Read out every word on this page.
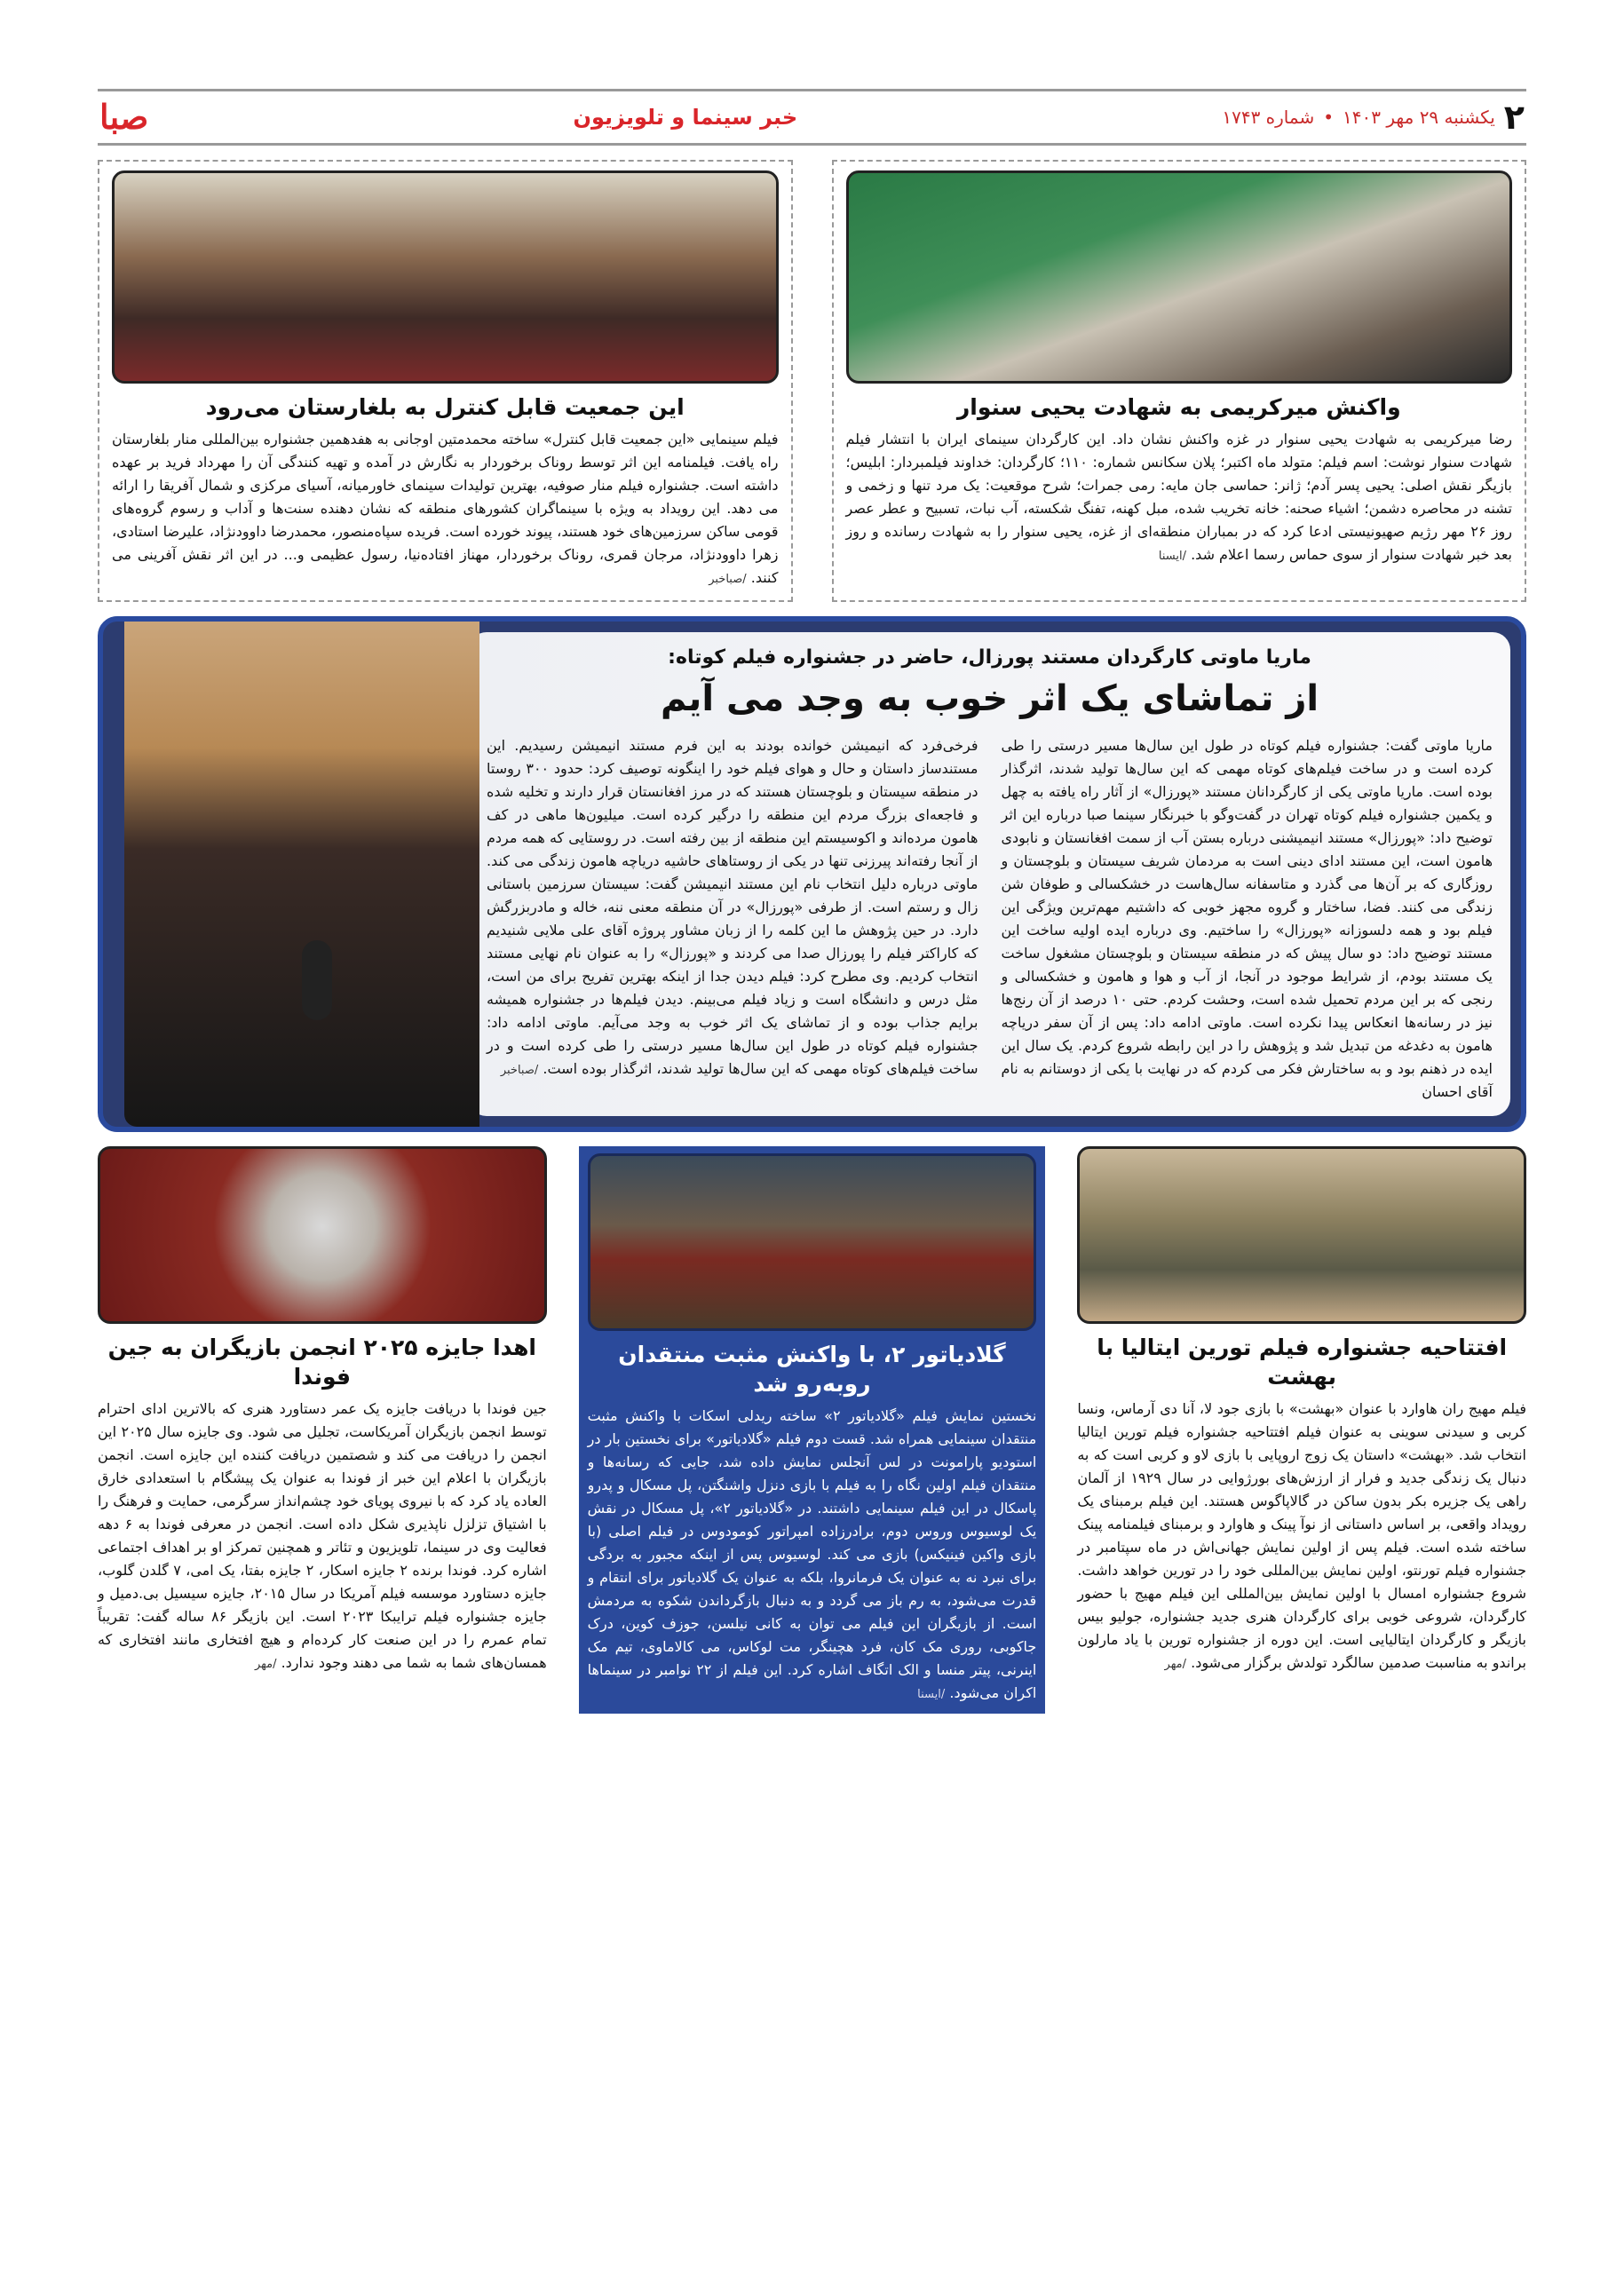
صبا	خبر سینما و تلویزیون	۲
یکشنبه ۲۹ مهر ۱۴۰۳
•
شماره ۱۷۴۳
واکنش میرکریمی به شهادت یحیی سنوار

رضا میرکریمی به شهادت یحیی سنوار در غزه واکنش نشان داد. این کارگردان سینمای ایران با انتشار فیلم شهادت سنوار نوشت: اسم فیلم: متولد ماه اکتبر؛ پلان سکانس شماره: ۱۱۰؛ کارگردان: خداوند فیلمبردار: ابلیس؛ بازیگر نقش اصلی: یحیی پسر آدم؛ ژانر: حماسی جان مایه: رمی جمرات؛ شرح موقعیت: یک مرد تنها و زخمی و تشنه در محاصره دشمن؛ اشیاء صحنه: خانه تخریب شده، مبل کهنه، تفنگ شکسته، آب نبات، تسبیح و عطر عصر روز ۲۶ مهر رژیم صهیونیستی ادعا کرد که در بمباران منطقه‌ای از غزه، یحیی سنوار را به شهادت رسانده و روز بعد خبر شهادت سنوار از سوی حماس رسما اعلام شد. /ایسنا

این جمعیت قابل کنترل به بلغارستان می‌رود

فیلم سینمایی «این جمعیت قابل کنترل» ساخته محمدمتین اوجانی به هفدهمین جشنواره بین‌المللی منار بلغارستان راه یافت. فیلمنامه این اثر توسط روناک برخوردار به نگارش در آمده و تهیه کنندگی آن را مهرداد فرید بر عهده داشته است. جشنواره فیلم منار صوفیه، بهترین تولیدات سینمای خاورمیانه، آسیای مرکزی و شمال آفریقا را ارائه می دهد. این رویداد به ویژه با سینماگران کشورهای منطقه که نشان دهنده سنت‌ها و آداب و رسوم گروه‌های قومی ساکن سرزمین‌های خود هستند، پیوند خورده است. فریده سپاه‌منصور، محمدرضا داوودنژاد، علیرضا استادی، زهرا داوودنژاد، مرجان قمری، روناک برخوردار، مهناز افتاده‌نیا، رسول عظیمی و... در این اثر نقش آفرینی می کنند. /صباخبر

ماریا ماوتی کارگردان مستند پورزال، حاضر در جشنواره فیلم کوتاه:
از تماشای یک اثر خوب به وجد می آیم

ماریا ماوتی گفت: جشنواره فیلم کوتاه در طول این سال‌ها مسیر درستی را طی کرده است و در ساخت فیلم‌های کوتاه مهمی که این سال‌ها تولید شدند، اثرگذار بوده است. ماریا ماوتی یکی از کارگردانان مستند «پورزال» از آثار راه یافته به چهل و یکمین جشنواره فیلم کوتاه تهران در گفت‌وگو با خبرنگار سینما صبا درباره این اثر توضیح داد: «پورزال» مستند انیمیشنی درباره بستن آب از سمت افغانستان و نابودی هامون است، این مستند ادای دینی است به مردمان شریف سیستان و بلوچستان و روزگاری که بر آن‌ها می گذرد و متاسفانه سال‌هاست در خشکسالی و طوفان شن زندگی می کنند. فضا، ساختار و گروه مجهز خوبی که داشتیم مهم‌ترین ویژگی این فیلم بود و همه دلسوزانه «پورزال» را ساختیم. وی درباره ایده اولیه ساخت این مستند توضیح داد: دو سال پیش که در منطقه سیستان و بلوچستان مشغول ساخت یک مستند بودم، از شرایط موجود در آنجا، از آب و هوا و هامون و خشکسالی و رنجی که بر این مردم تحمیل شده است، وحشت کردم. حتی ۱۰ درصد از آن رنج‌ها نیز در رسانه‌ها انعکاس پیدا نکرده است. ماوتی ادامه داد: پس از آن سفر دریاچه هامون به دغدغه من تبدیل شد و پژوهش را در این رابطه شروع کردم. یک سال این ایده در ذهنم بود و به ساختارش فکر می کردم که در نهایت با یکی از دوستانم به نام آقای احسان

فرخی‌فرد که انیمیشن خوانده بودند به این فرم مستند انیمیشن رسیدیم. این مستندساز داستان و حال و هوای فیلم خود را اینگونه توصیف کرد: حدود ۳۰۰ روستا در منطقه سیستان و بلوچستان هستند که در مرز افغانستان قرار دارند و تخلیه شده و فاجعه‌ای بزرگ مردم این منطقه را درگیر کرده است. میلیون‌ها ماهی در کف هامون مرده‌اند و اکوسیستم این منطقه از بین رفته است. در روستایی که همه مردم از آنجا رفته‌اند پیرزنی تنها در یکی از روستاهای حاشیه دریاچه هامون زندگی می کند. ماوتی درباره دلیل انتخاب نام این مستند انیمیشن گفت: سیستان سرزمین باستانی زال و رستم است. از طرفی «پورزال» در آن منطقه معنی ننه، خاله و مادربزرگش دارد. در حین پژوهش ما این کلمه را از زبان مشاور پروژه آقای علی ملایی شنیدیم که کاراکتر فیلم را پورزال صدا می کردند و «پورزال» را به عنوان نام نهایی مستند انتخاب کردیم. وی مطرح کرد: فیلم دیدن جدا از اینکه بهترین تفریح برای من است، مثل درس و دانشگاه است و زیاد فیلم می‌بینم. دیدن فیلم‌ها در جشنواره همیشه برایم جذاب بوده و از تماشای یک اثر خوب به وجد می‌آیم. ماوتی ادامه داد: جشنواره فیلم کوتاه در طول این سال‌ها مسیر درستی را طی کرده است و در ساخت فیلم‌های کوتاه مهمی که این سال‌ها تولید شدند، اثرگذار بوده است. /صباخبر

افتتاحیه جشنواره فیلم تورین ایتالیا با بهشت

فیلم مهیج ران هاوارد با عنوان «بهشت» با بازی جود لا، آنا دی آرماس، ونسا کربی و سیدنی سوینی به عنوان فیلم افتتاحیه جشنواره فیلم تورین ایتالیا انتخاب شد. «بهشت» داستان یک زوج اروپایی با بازی لاو و کربی است که به دنبال یک زندگی جدید و فرار از ارزش‌های بورژوایی در سال ۱۹۲۹ از آلمان راهی یک جزیره بکر بدون ساکن در گالاپاگوس هستند. این فیلم برمبنای یک رویداد واقعی، بر اساس داستانی از نوآ پینک و هاوارد و برمبنای فیلمنامه پینک ساخته شده است. فیلم پس از اولین نمایش جهانی‌اش در ماه سپتامبر در جشنواره فیلم تورنتو، اولین نمایش بین‌المللی خود را در تورین خواهد داشت. شروع جشنواره امسال با اولین نمایش بین‌المللی این فیلم مهیج با حضور کارگردان، شروعی خوبی برای کارگردان هنری جدید جشنواره، جولیو بیس بازیگر و کارگردان ایتالیایی است. این دوره از جشنواره تورین با یاد مارلون براندو به مناسبت صدمین سالگرد تولدش برگزار می‌شود. /مهر

گلادیاتور ۲، با واکنش مثبت منتقدان روبه‌رو شد

نخستین نمایش فیلم «گلادیاتور ۲» ساخته ریدلی اسکات با واکنش مثبت منتقدان سینمایی همراه شد. قست دوم فیلم «گلادیاتور» برای نخستین بار در استودیو پارامونت در لس آنجلس نمایش داده شد، جایی که رسانه‌ها و منتقدان فیلم اولین نگاه را به فیلم با بازی دنزل واشنگتن، پل مسکال و پدرو پاسکال در این فیلم سینمایی داشتند. در «گلادیاتور ۲»، پل مسکال در نقش یک لوسیوس وروس دوم، برادرزاده امپراتور کومودوس در فیلم اصلی (با بازی واکین فینیکس) بازی می کند. لوسیوس پس از اینکه مجبور به بردگی برای نبرد نه به عنوان یک فرمانروا، بلکه به عنوان یک گلادیاتور برای انتقام و قدرت می‌شود، به رم باز می گردد و به دنبال بازگرداندن شکوه به مردمش است. از بازیگران این فیلم می توان به کانی نیلسن، جوزف کوین، درک جاکوبی، روری مک کان، فرد هچینگر، مت لوکاس، می کالاماوی، تیم مک اینرنی، پیتر منسا و الک اتگاف اشاره کرد. این فیلم از ۲۲ نوامبر در سینماها اکران می‌شود. /ایسنا

اهدا جایزه ۲۰۲۵ انجمن بازیگران به جین فوندا

جین فوندا با دریافت جایزه یک عمر دستاورد هنری که بالاترین ادای احترام توسط انجمن بازیگران آمریکاست، تجلیل می شود. وی جایزه سال ۲۰۲۵ این انجمن را دریافت می کند و شصتمین دریافت کننده این جایزه است. انجمن بازیگران با اعلام این خبر از فوندا به عنوان یک پیشگام با استعدادی خارق العاده یاد کرد که با نیروی پویای خود چشم‌انداز سرگرمی، حمایت و فرهنگ را با اشتیاق تزلزل ناپذیری شکل داده است. انجمن در معرفی فوندا به ۶ دهه فعالیت وی در سینما، تلویزیون و تئاتر و همچنین تمرکز او بر اهداف اجتماعی اشاره کرد. فوندا برنده ۲ جایزه اسکار، ۲ جایزه بفتا، یک امی، ۷ گلدن گلوب، جایزه دستاورد موسسه فیلم آمریکا در سال ۲۰۱۵، جایزه سیسیل بی.دمیل و جایزه جشنواره فیلم ترایبکا ۲۰۲۳ است. این بازیگر ۸۶ ساله گفت: تقریباً تمام عمرم را در این صنعت کار کرده‌ام و هیچ افتخاری مانند افتخاری که همسان‌های شما به شما می دهند وجود ندارد. /مهر
